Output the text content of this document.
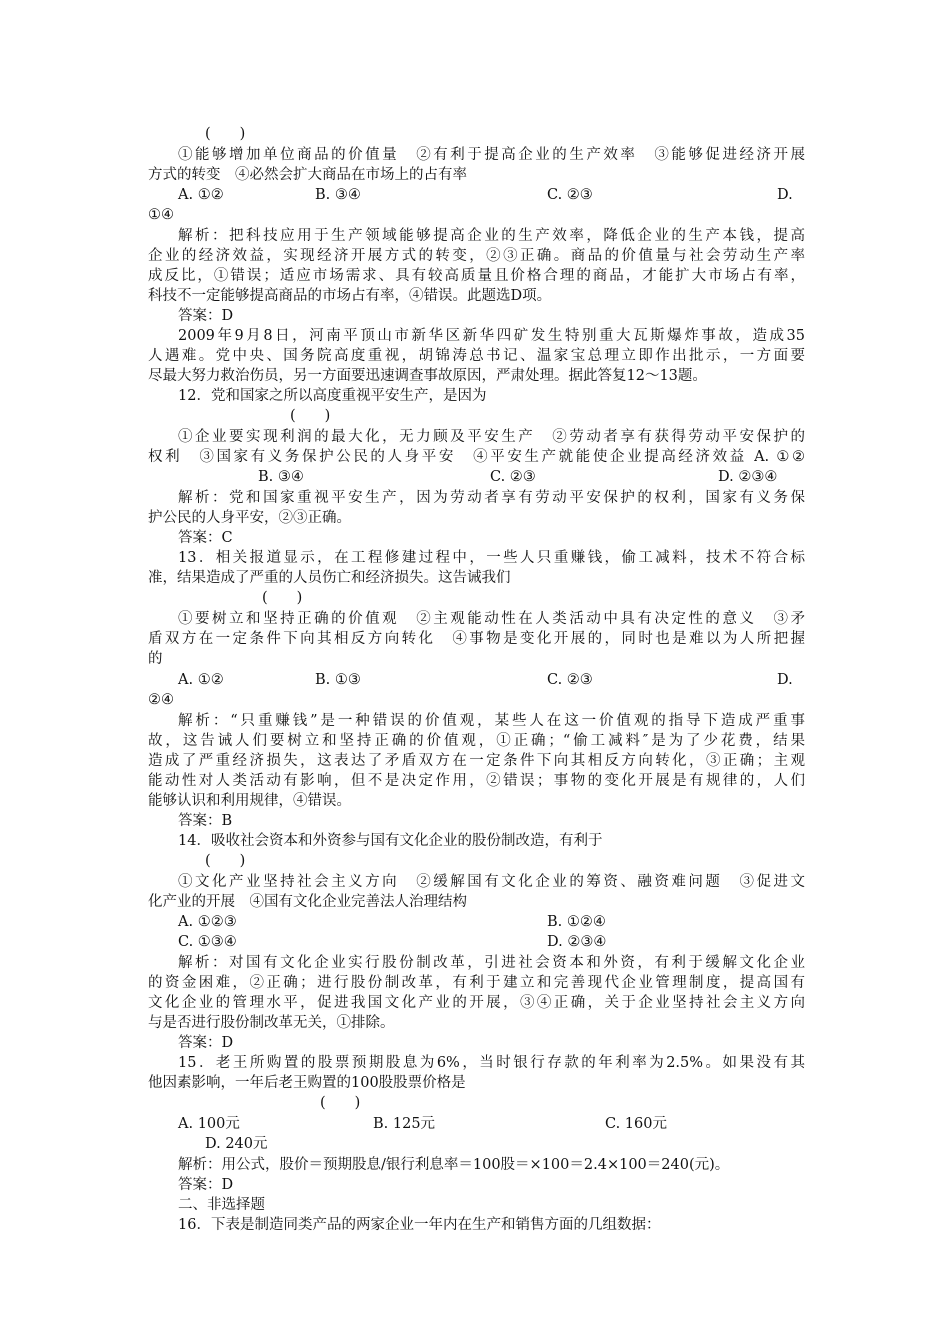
(　　)
①能够增加单位商品的价值量　②有利于提高企业的生产效率　③能够促进经济开展
方式的转变　④必然会扩大商品在市场上的占有率
A. ①②	B. ③④	C. ②③	D.
①④
解析：把科技应用于生产领域能够提高企业的生产效率，降低企业的生产本钱，提高
企业的经济效益，实现经济开展方式的转变，②③正确。商品的价值量与社会劳动生产率
成反比，①错误；适应市场需求、具有较高质量且价格合理的商品，才能扩大市场占有率，
科技不一定能够提高商品的市场占有率，④错误。此题选D项。
答案：D
2009年9月8日，河南平顶山市新华区新华四矿发生特别重大瓦斯爆炸事故，造成35
人遇难。党中央、国务院高度重视，胡锦涛总书记、温家宝总理立即作出批示，一方面要
尽最大努力救治伤员，另一方面要迅速调查事故原因，严肃处理。据此答复12～13题。
12．党和国家之所以高度重视平安生产，是因为
(　　)
①企业要实现利润的最大化，无力顾及平安生产　②劳动者享有获得劳动平安保护的
权利　③国家有义务保护公民的人身平安　④平安生产就能使企业提高经济效益 A. ①②
B. ③④	C. ②③	D. ②③④
解析：党和国家重视平安生产，因为劳动者享有劳动平安保护的权利，国家有义务保
护公民的人身平安，②③正确。
答案：C
13．相关报道显示，在工程修建过程中，一些人只重赚钱，偷工减料，技术不符合标
准，结果造成了严重的人员伤亡和经济损失。这告诫我们
(　　)
①要树立和坚持正确的价值观　②主观能动性在人类活动中具有决定性的意义　③矛
盾双方在一定条件下向其相反方向转化　④事物是变化开展的，同时也是难以为人所把握
的
A. ①②	B. ①③	C. ②③	D.
②④
解析：“只重赚钱”是一种错误的价值观，某些人在这一价值观的指导下造成严重事
故，这告诫人们要树立和坚持正确的价值观，①正确；“偷工减料″是为了少花费，结果
造成了严重经济损失，这表达了矛盾双方在一定条件下向其相反方向转化，③正确；主观
能动性对人类活动有影响，但不是决定作用，②错误；事物的变化开展是有规律的，人们
能够认识和利用规律，④错误。
答案：B
14．吸收社会资本和外资参与国有文化企业的股份制改造，有利于
(　　)
①文化产业坚持社会主义方向　②缓解国有文化企业的筹资、融资难问题　③促进文
化产业的开展　④国有文化企业完善法人治理结构
A. ①②③	B. ①②④
C. ①③④	D. ②③④
解析：对国有文化企业实行股份制改革，引进社会资本和外资，有利于缓解文化企业
的资金困难，②正确；进行股份制改革，有利于建立和完善现代企业管理制度，提高国有
文化企业的管理水平，促进我国文化产业的开展，③④正确，关于企业坚持社会主义方向
与是否进行股份制改革无关，①排除。
答案：D
15．老王所购置的股票预期股息为6%，当时银行存款的年利率为2.5%。如果没有其
他因素影响，一年后老王购置的100股股票价格是
(　　)
A. 100元	B. 125元	C. 160元
D. 240元
解析：用公式，股价＝预期股息/银行利息率＝100股＝×100＝2.4×100＝240(元)。
答案：D
二、非选择题
16．下表是制造同类产品的两家企业一年内在生产和销售方面的几组数据：
